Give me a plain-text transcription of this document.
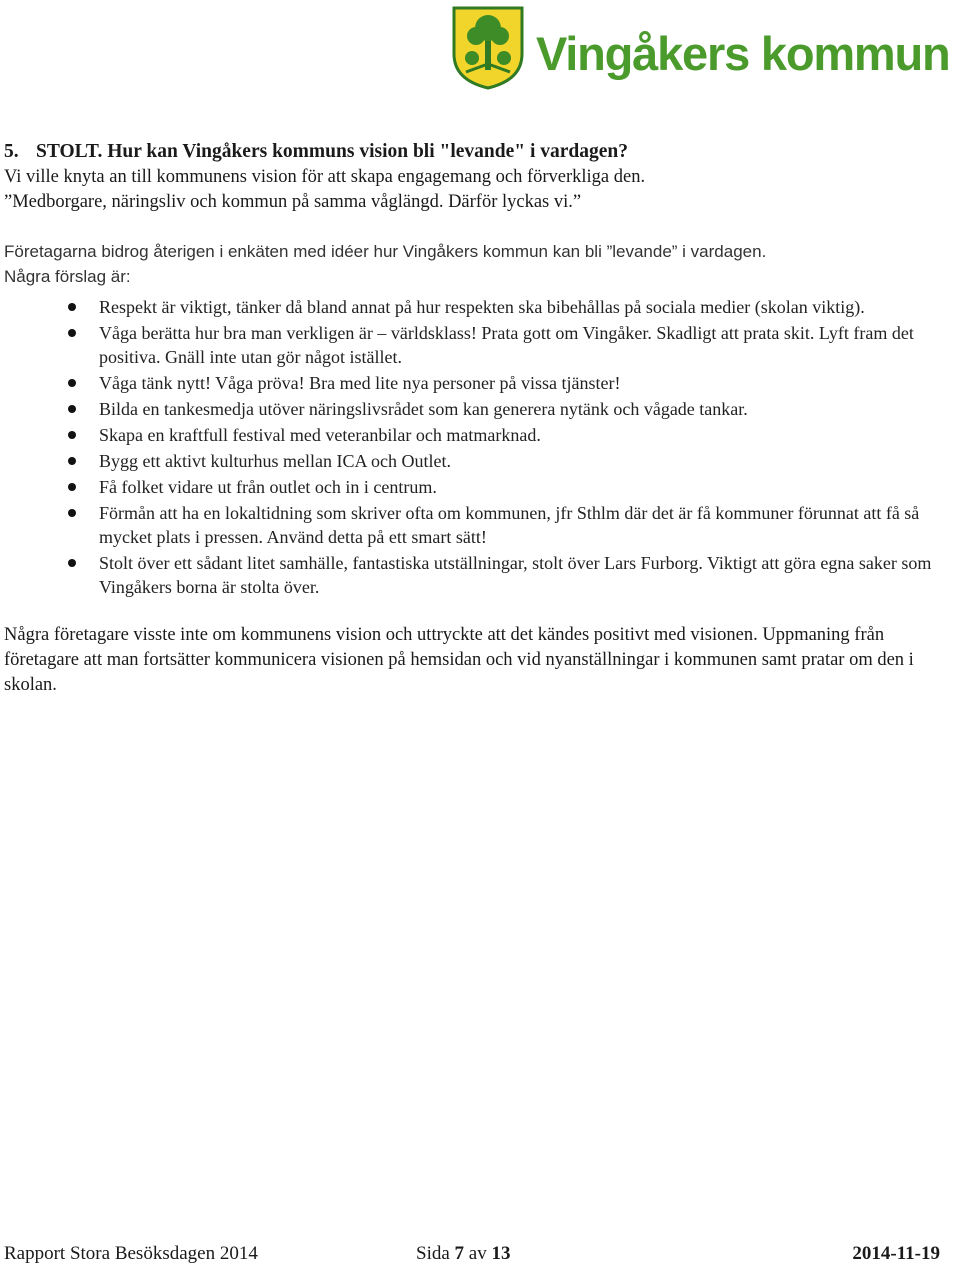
Vingåkers kommun

5. STOLT. Hur kan Vingåkers kommuns vision bli "levande" i vardagen?

Vi ville knyta an till kommunens vision för att skapa engagemang och förverkliga den.

”Medborgare, näringsliv och kommun på samma våglängd. Därför lyckas vi.”

Företagarna bidrog återigen i enkäten med idéer hur Vingåkers kommun kan bli ”levande” i vardagen.

Några förslag är:

Respekt är viktigt, tänker då bland annat på hur respekten ska bibehållas på sociala medier (skolan viktig).
Våga berätta hur bra man verkligen är – världsklass! Prata gott om Vingåker. Skadligt att prata skit. Lyft fram det positiva. Gnäll inte utan gör något istället.
Våga tänk nytt! Våga pröva! Bra med lite nya personer på vissa tjänster!
Bilda en tankesmedja utöver näringslivsrådet som kan generera nytänk och vågade tankar.
Skapa en kraftfull festival med veteranbilar och matmarknad.
Bygg ett aktivt kulturhus mellan ICA och Outlet.
Få folket vidare ut från outlet och in i centrum.
Förmån att ha en lokaltidning som skriver ofta om kommunen, jfr Sthlm där det är få kommuner förunnat att få så mycket plats i pressen. Använd detta på ett smart sätt!
Stolt över ett sådant litet samhälle, fantastiska utställningar, stolt över Lars Furborg. Viktigt att göra egna saker som Vingåkers borna är stolta över.

Några företagare visste inte om kommunens vision och uttryckte att det kändes positivt med visionen. Uppmaning från företagare att man fortsätter kommunicera visionen på hemsidan och vid nyanställningar i kommunen samt pratar om den i skolan.

Rapport Stora Besöksdagen 2014	Sida 7 av 13	2014-11-19
